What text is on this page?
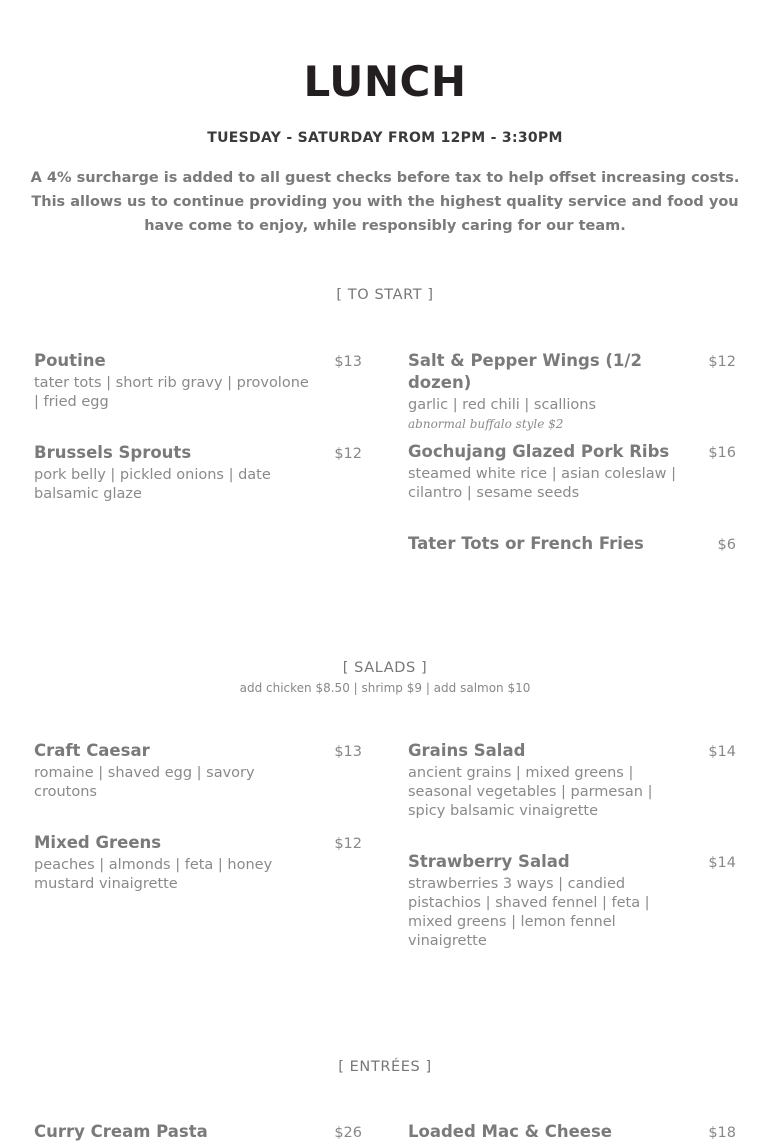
LUNCH
TUESDAY - SATURDAY FROM 12PM - 3:30PM
A 4% surcharge is added to all guest checks before tax to help offset increasing costs. This allows us to continue providing you with the highest quality service and food you have come to enjoy, while responsibly caring for our team.
[ TO START ]
Poutine	$13
tater tots | short rib gravy | provolone | fried egg
Brussels Sprouts	$12
pork belly | pickled onions | date balsamic glaze
Salt & Pepper Wings (1/2 dozen)
$12
garlic | red chili | scallions
abnormal buffalo style $2
Gochujang Glazed Pork Ribs	$16
steamed white rice | asian coleslaw | cilantro | sesame seeds
Tater Tots or French Fries	$6
[ SALADS ]
add chicken $8.50 | shrimp $9 | add salmon $10
Craft Caesar	$13
romaine | shaved egg | savory croutons
Mixed Greens	$12
peaches | almonds | feta | honey mustard vinaigrette
Grains Salad	$14
ancient grains | mixed greens | seasonal vegetables | parmesan | spicy balsamic vinaigrette
Strawberry Salad	$14
strawberries 3 ways | candied pistachios | shaved fennel | feta | mixed greens | lemon fennel vinaigrette
[ ENTRÉES ]
Curry Cream Pasta	$26	Loaded Mac & Cheese	$18
